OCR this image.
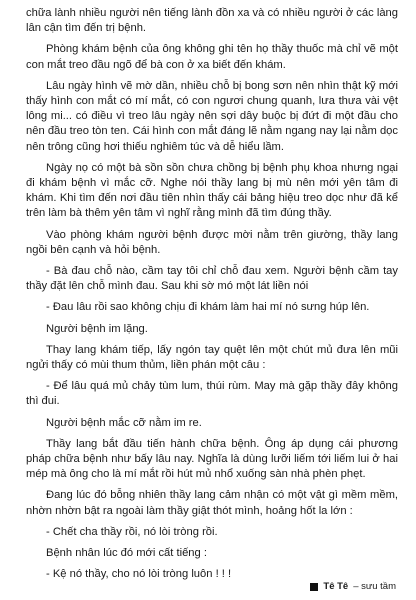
chữa lành nhiều người nên tiếng lành đồn xa và có nhiều người ở các làng lân cận tìm đến trị bệnh.

Phòng khám bệnh của ông không ghi tên họ thầy thuốc mà chỉ vẽ một con mắt treo đầu ngõ để bà con ở xa biết đến khám.

Lâu ngày hình vẽ mờ dần, nhiều chỗ bị bong sơn nên nhìn thật kỹ mới thấy hình con mắt có mí mắt, có con ngươi chung quanh, lưa thưa vài vệt lông mi... có điều vì treo lâu ngày nên sợi dây buộc bị đứt đi một đầu cho nên đầu treo tòn ten. Cái hình con mắt đáng lẽ nằm ngang nay lại nằm dọc nên trông cũng hơi thiếu nghiêm túc và dễ hiểu lầm.

Ngày nọ có một bà sồn sồn chưa chồng bị bệnh phụ khoa nhưng ngại đi khám bệnh vì mắc cỡ. Nghe nói thầy lang bị mù nên mới yên tâm đi khám. Khi tìm đến nơi đầu tiên nhìn thấy cái bảng hiệu treo dọc như đã kể trên làm bà thêm yên tâm vì nghĩ rằng mình đã tìm đúng thầy.

Vào phòng khám người bệnh được mời nằm trên giường, thầy lang ngồi bên cạnh và hỏi bệnh.

- Bà đau chỗ nào, cầm tay tôi chỉ chỗ đau xem. Người bệnh cầm tay thầy đặt lên chỗ mình đau. Sau khi sờ mó một lát liền nói

- Đau lâu rồi sao không chịu đi khám làm hai mí nó sưng húp lên.

Người bệnh im lặng.

Thay lang khám tiếp, lấy ngón tay quệt lên một chút mủ đưa lên mũi ngửi thấy có mùi thum thủm, liền phán một câu :

- Để lâu quá mủ chảy tùm lum, thúi rùm. May mà gặp thầy đây không thì đui.

Người bệnh mắc cỡ nằm im re.

Thầy lang bắt đầu tiến hành chữa bệnh. Ông áp dụng cái phương pháp chữa bệnh như bấy lâu nay. Nghĩa là dùng lưỡi liếm tới liếm lui ở hai mép mà ông cho là mí mắt rồi hút mủ nhổ xuống sàn nhà phèn phẹt.

Đang lúc đó bỗng nhiên thầy lang cảm nhận có một vật gì mềm mềm, nhờn nhờn bật ra ngoài làm thầy giật thót mình, hoảng hốt la lớn :

- Chết cha thầy rồi, nó lòi tròng rồi.

Bệnh nhân lúc đó mới cất tiếng :

- Kệ nó thầy, cho nó lòi tròng luôn ! ! !

Tê Tê – sưu tầm
